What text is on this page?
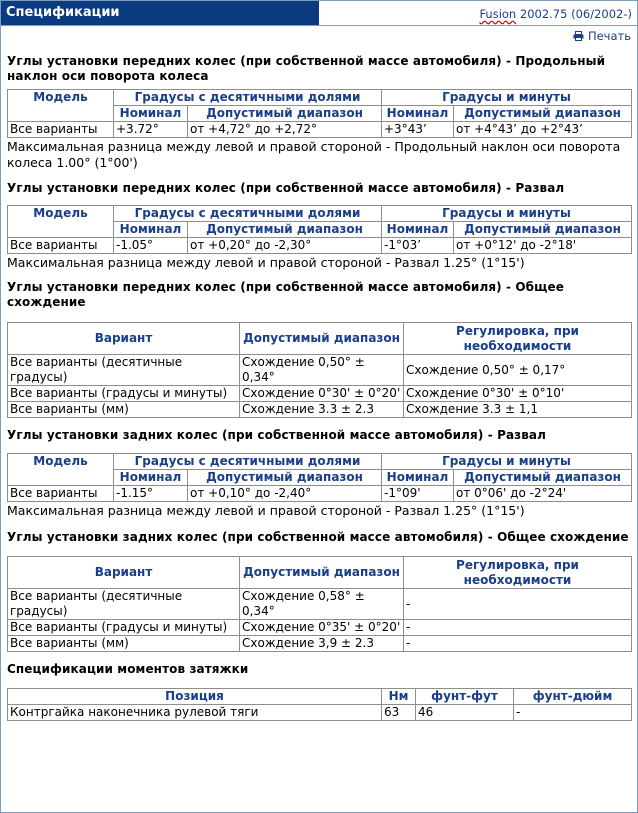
Спецификации	Fusion 2002.75 (06/2002-)
Печать
Углы установки передних колес (при собственной массе автомобиля) - Продольный наклон оси поворота колеса
Модель	Градусы с десятичными долями		Градусы и минуты	
	Номинал	Допустимый диапазон	Номинал	Допустимый диапазон
Все варианты	+3.72°	от +4,72° до +2,72°	+3°43’	от +4°43’ до +2°43’
Максимальная разница между левой и правой стороной - Продольный наклон оси поворота колеса 1.00° (1°00')
Углы установки передних колес (при собственной массе автомобиля) - Развал
Модель	Градусы с десятичными долями		Градусы и минуты	
	Номинал	Допустимый диапазон	Номинал	Допустимый диапазон
Все варианты	-1.05°	от +0,20° до -2,30°	-1°03’	от +0°12' до -2°18'
Максимальная разница между левой и правой стороной - Развал 1.25° (1°15')
Углы установки передних колес (при собственной массе автомобиля) - Общее схождение
Вариант	Допустимый диапазон	Регулировка, при необходимости
Все варианты (десятичные градусы)	Схождение 0,50° ± 0,34°	Схождение 0,50° ± 0,17°
Все варианты (градусы и минуты)	Схождение 0°30' ± 0°20'	Схождение 0°30' ± 0°10'
Все варианты (мм)	Схождение 3.3 ± 2.3	Схождение 3.3 ± 1,1
Углы установки задних колес (при собственной массе автомобиля) - Развал
Модель	Градусы с десятичными долями		Градусы и минуты	
	Номинал	Допустимый диапазон	Номинал	Допустимый диапазон
Все варианты	-1.15°	от +0,10° до -2,40°	-1°09'	от 0°06' до -2°24'
Максимальная разница между левой и правой стороной - Развал 1.25° (1°15')
Углы установки задних колес (при собственной массе автомобиля) - Общее схождение
Вариант	Допустимый диапазон	Регулировка, при необходимости
Все варианты (десятичные градусы)	Схождение 0,58° ± 0,34°	-
Все варианты (градусы и минуты)	Схождение 0°35' ± 0°20'	-
Все варианты (мм)	Схождение 3,9 ± 2.3	-
Спецификации моментов затяжки
Позиция	Нм	фунт-фут	фунт-дюйм
Контргайка наконечника рулевой тяги	63	46	-
